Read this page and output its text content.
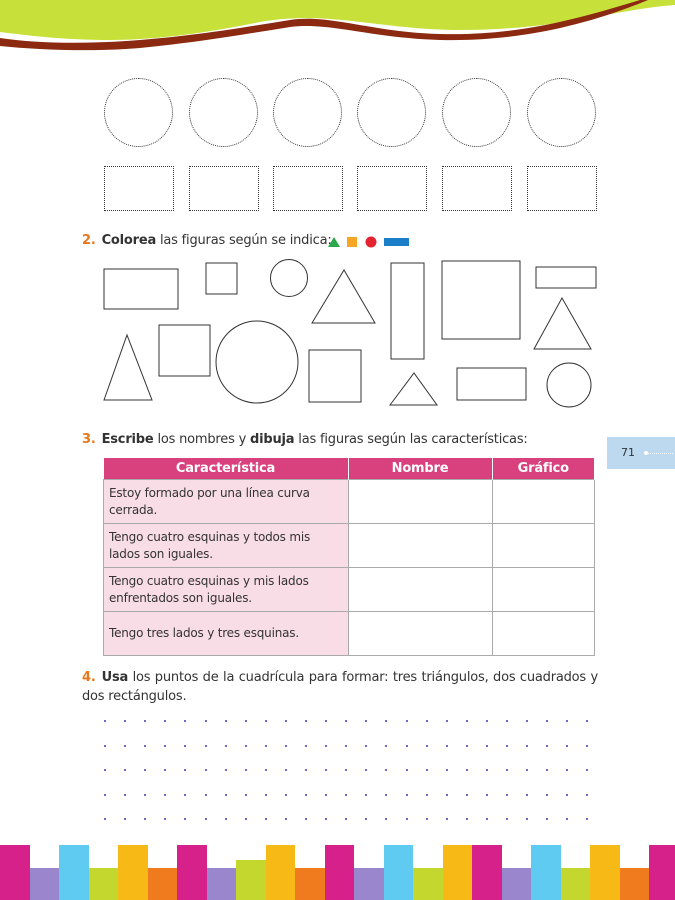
2. Colorea las figuras según se indica:
71
3. Escribe los nombres y dibuja las figuras según las características:
Característica	Nombre	Gráfico
Estoy formado por una línea curva cerrada.		
Tengo cuatro esquinas y todos mis lados son iguales.		
Tengo cuatro esquinas y mis lados enfrentados son iguales.		
Tengo tres lados y tres esquinas.		
4. Usa los puntos de la cuadrícula para formar: tres triángulos, dos cuadrados y dos rectángulos.
